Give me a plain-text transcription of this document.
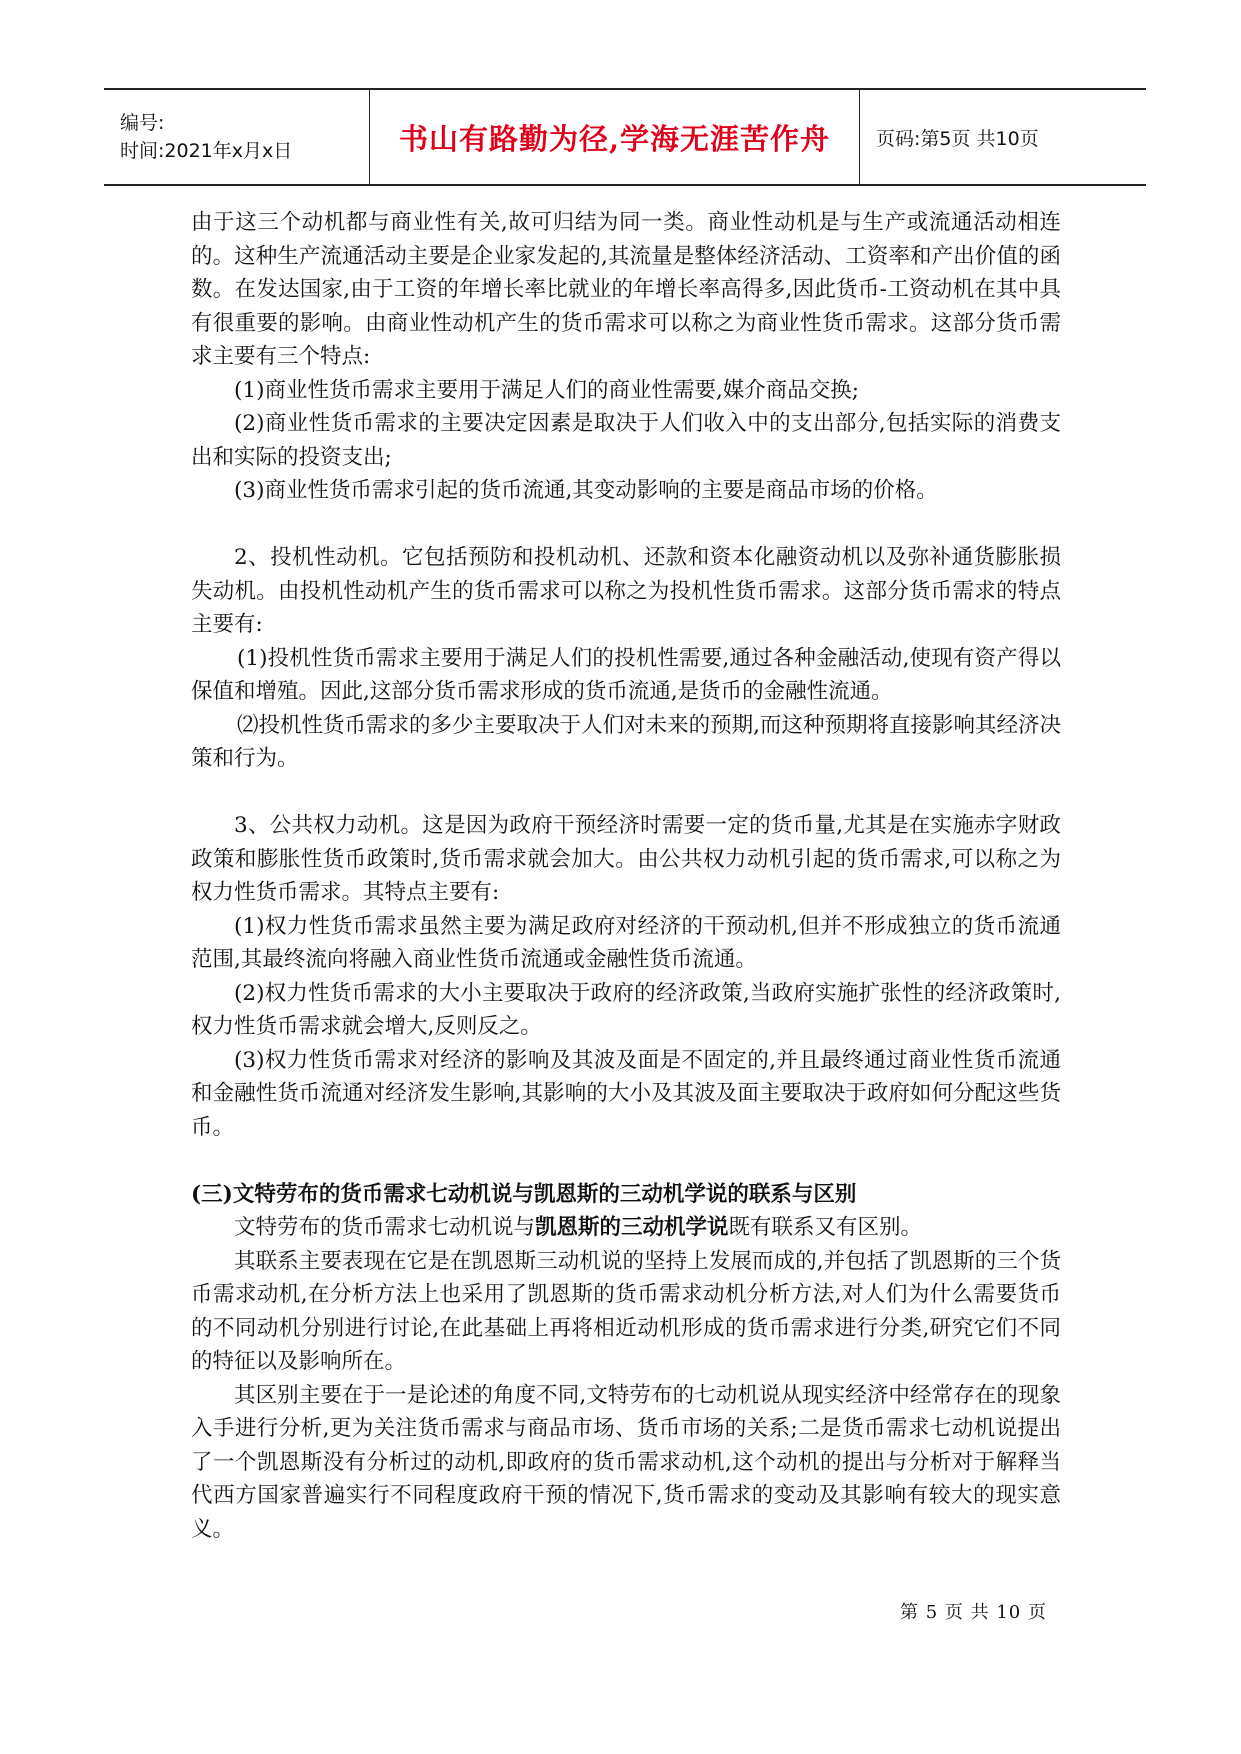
编号:
时间:2021年x月x日	书山有路勤为径,学海无涯苦作舟	页码:第5页 共10页

由于这三个动机都与商业性有关,故可归结为同一类。商业性动机是与生产或流通活动相连的。这种生产流通活动主要是企业家发起的,其流量是整体经济活动、工资率和产出价值的函数。在发达国家,由于工资的年增长率比就业的年增长率高得多,因此货币-工资动机在其中具有很重要的影响。由商业性动机产生的货币需求可以称之为商业性货币需求。这部分货币需求主要有三个特点:

(1)商业性货币需求主要用于满足人们的商业性需要,媒介商品交换;

(2)商业性货币需求的主要决定因素是取决于人们收入中的支出部分,包括实际的消费支出和实际的投资支出;

(3)商业性货币需求引起的货币流通,其变动影响的主要是商品市场的价格。

2、投机性动机。它包括预防和投机动机、还款和资本化融资动机以及弥补通货膨胀损失动机。由投机性动机产生的货币需求可以称之为投机性货币需求。这部分货币需求的特点主要有:

(1)投机性货币需求主要用于满足人们的投机性需要,通过各种金融活动,使现有资产得以保值和增殖。因此,这部分货币需求形成的货币流通,是货币的金融性流通。

⑵投机性货币需求的多少主要取决于人们对未来的预期,而这种预期将直接影响其经济决策和行为。

3、公共权力动机。这是因为政府干预经济时需要一定的货币量,尤其是在实施赤字财政政策和膨胀性货币政策时,货币需求就会加大。由公共权力动机引起的货币需求,可以称之为权力性货币需求。其特点主要有:

(1)权力性货币需求虽然主要为满足政府对经济的干预动机,但并不形成独立的货币流通范围,其最终流向将融入商业性货币流通或金融性货币流通。

(2)权力性货币需求的大小主要取决于政府的经济政策,当政府实施扩张性的经济政策时,权力性货币需求就会增大,反则反之。

(3)权力性货币需求对经济的影响及其波及面是不固定的,并且最终通过商业性货币流通和金融性货币流通对经济发生影响,其影响的大小及其波及面主要取决于政府如何分配这些货币。

(三)文特劳布的货币需求七动机说与凯恩斯的三动机学说的联系与区别

文特劳布的货币需求七动机说与凯恩斯的三动机学说既有联系又有区别。

其联系主要表现在它是在凯恩斯三动机说的坚持上发展而成的,并包括了凯恩斯的三个货币需求动机,在分析方法上也采用了凯恩斯的货币需求动机分析方法,对人们为什么需要货币的不同动机分别进行讨论,在此基础上再将相近动机形成的货币需求进行分类,研究它们不同的特征以及影响所在。

其区别主要在于一是论述的角度不同,文特劳布的七动机说从现实经济中经常存在的现象入手进行分析,更为关注货币需求与商品市场、货币市场的关系;二是货币需求七动机说提出了一个凯恩斯没有分析过的动机,即政府的货币需求动机,这个动机的提出与分析对于解释当代西方国家普遍实行不同程度政府干预的情况下,货币需求的变动及其影响有较大的现实意义。

第 5 页 共 10 页
